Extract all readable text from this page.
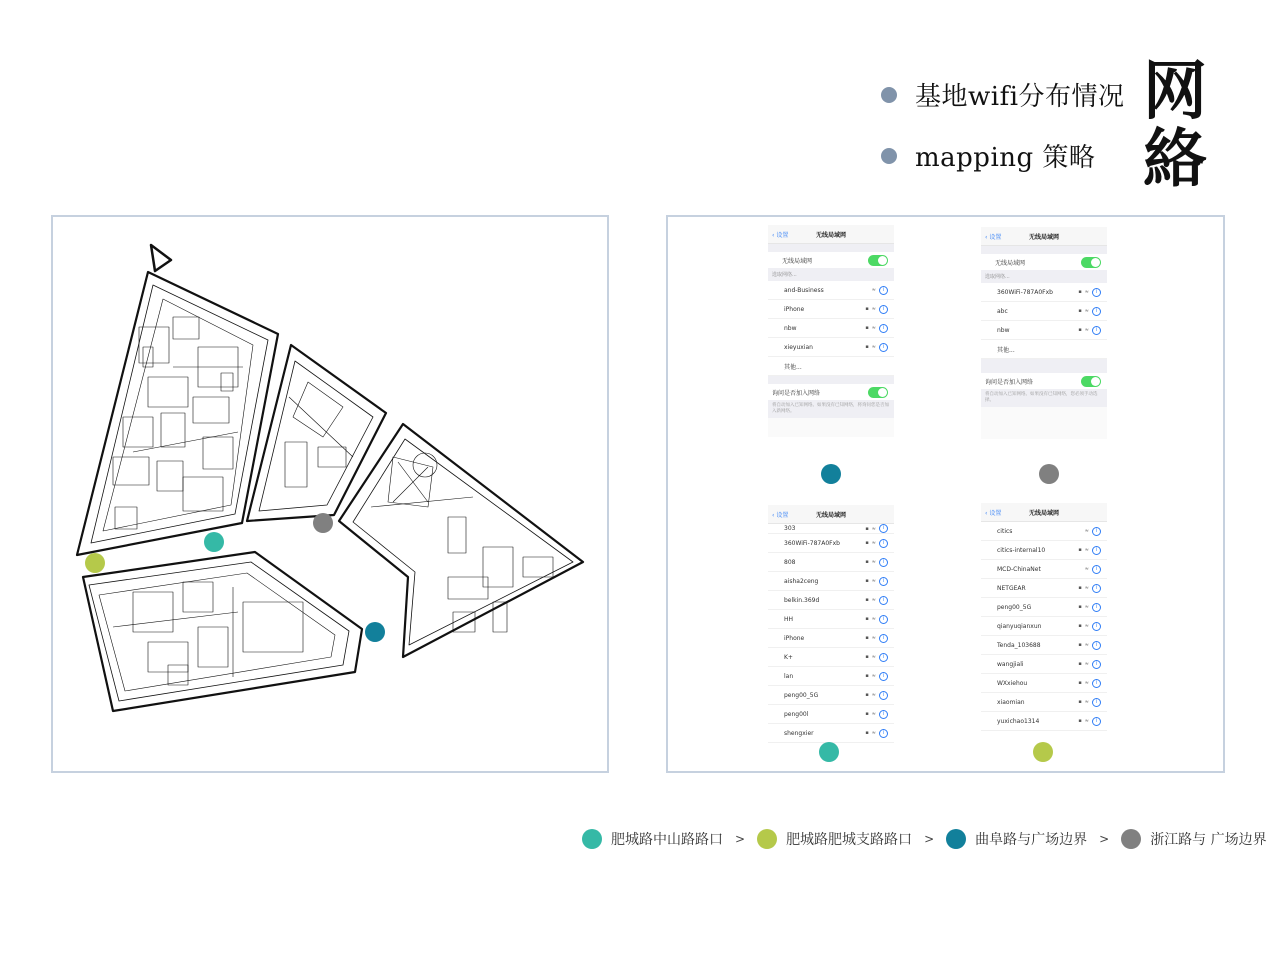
基地wifi分布情况
mapping 策略
网
絡
‹ 设置	无线局域网
无线局域网
选取网络...
and-Business	≈	i
iPhone	▪ ≈	i
nbw	▪ ≈	i
xieyuxian	▪ ≈	i
其他...
询问是否加入网络
将自动加入已知网络。如果没有已知网络，将询问您是否加入新网络。
‹ 设置	无线局域网
无线局域网
选取网络...
360WiFi-787A0Fxb	▪ ≈	i
abc	▪ ≈	i
nbw	▪ ≈	i
其他...
询问是否加入网络
将自动加入已知网络。如果没有已知网络，您必须手动选择。
‹ 设置	无线局域网
303	▪ ≈	i
360WiFi-787A0Fxb	▪ ≈	i
808	▪ ≈	i
aisha2ceng	▪ ≈	i
belkin.369d	▪ ≈	i
HH	▪ ≈	i
iPhone	▪ ≈	i
K+	▪ ≈	i
lan	▪ ≈	i
peng00_5G	▪ ≈	i
peng00l	▪ ≈	i
shengxier	▪ ≈	i
‹ 设置	无线局域网
citics	≈	i
citics-internal10	▪ ≈	i
MCD-ChinaNet	≈	i
NETGEAR	▪ ≈	i
peng00_5G	▪ ≈	i
qianyuqianxun	▪ ≈	i
Tenda_103688	▪ ≈	i
wangjiali	▪ ≈	i
WXxiehou	▪ ≈	i
xiaomian	▪ ≈	i
yuxichao1314	▪ ≈	i
肥城路中山路路口 >	肥城路肥城支路路口 >	曲阜路与广场边界 >	浙江路与 广场边界
